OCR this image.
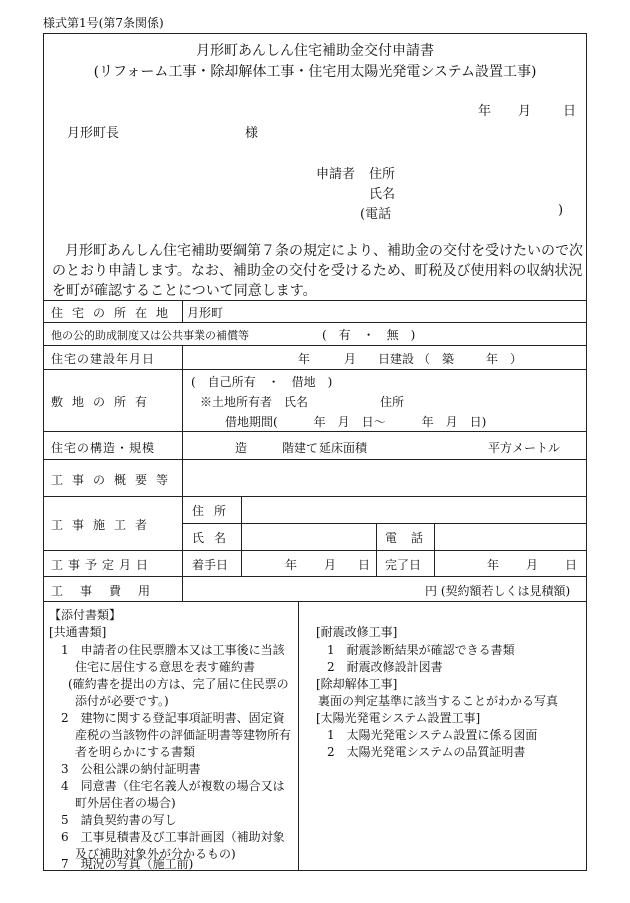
様式第1号(第7条関係)
月形町あんしん住宅補助金交付申請書
(リフォーム工事・除却解体工事・住宅用太陽光発電システム設置工事)
年 月 日
月形町長	様
申請者 住所
氏名
(電話	)
月形町あんしん住宅補助要綱第７条の規定により、補助金の交付を受けたいので次
のとおり申請します。なお、補助金の交付を受けるため、町税及び使用料の収納状況
を町が確認することについて同意します。
住宅の所在地 月形町
他の公的助成制度又は公共事業の補償等	(　有　・　無　)
住宅の建設年月日	年	月 日建設 （　築	年　）
敷地の所有
(　自己所有　・　借地　)
※土地所有者　氏名	住所
借地期間(　　　年　月　日～　　　年　月　日)
住宅の構造・規模	造	階建て 延床面積	平方メートル
工事の概要等
工事施工者
住所
氏名	電話
工事予定月日	着手日	年 月 日 完了日	年 月 日
工事費用	円 (契約額若しくは見積額)
【添付書類】
[共通書類]
1　申請者の住民票謄本又は工事後に当該
住宅に居住する意思を表す確約書
(確約書を提出の方は、完了届に住民票の
添付が必要です。)
2　建物に関する登記事項証明書、固定資
産税の当該物件の評価証明書等建物所有
者を明らかにする書類
3　公租公課の納付証明書
4　同意書（住宅名義人が複数の場合又は
町外居住者の場合)
5　請負契約書の写し
6　工事見積書及び工事計画図（補助対象
及び補助対象外が分かるもの)
7　現況の写真（施工前)
[耐震改修工事]
1　耐震診断結果が確認できる書類
2　耐震改修設計図書
[除却解体工事]
裏面の判定基準に該当することがわかる写真
[太陽光発電システム設置工事]
1　太陽光発電システム設置に係る図面
2　太陽光発電システムの品質証明書
